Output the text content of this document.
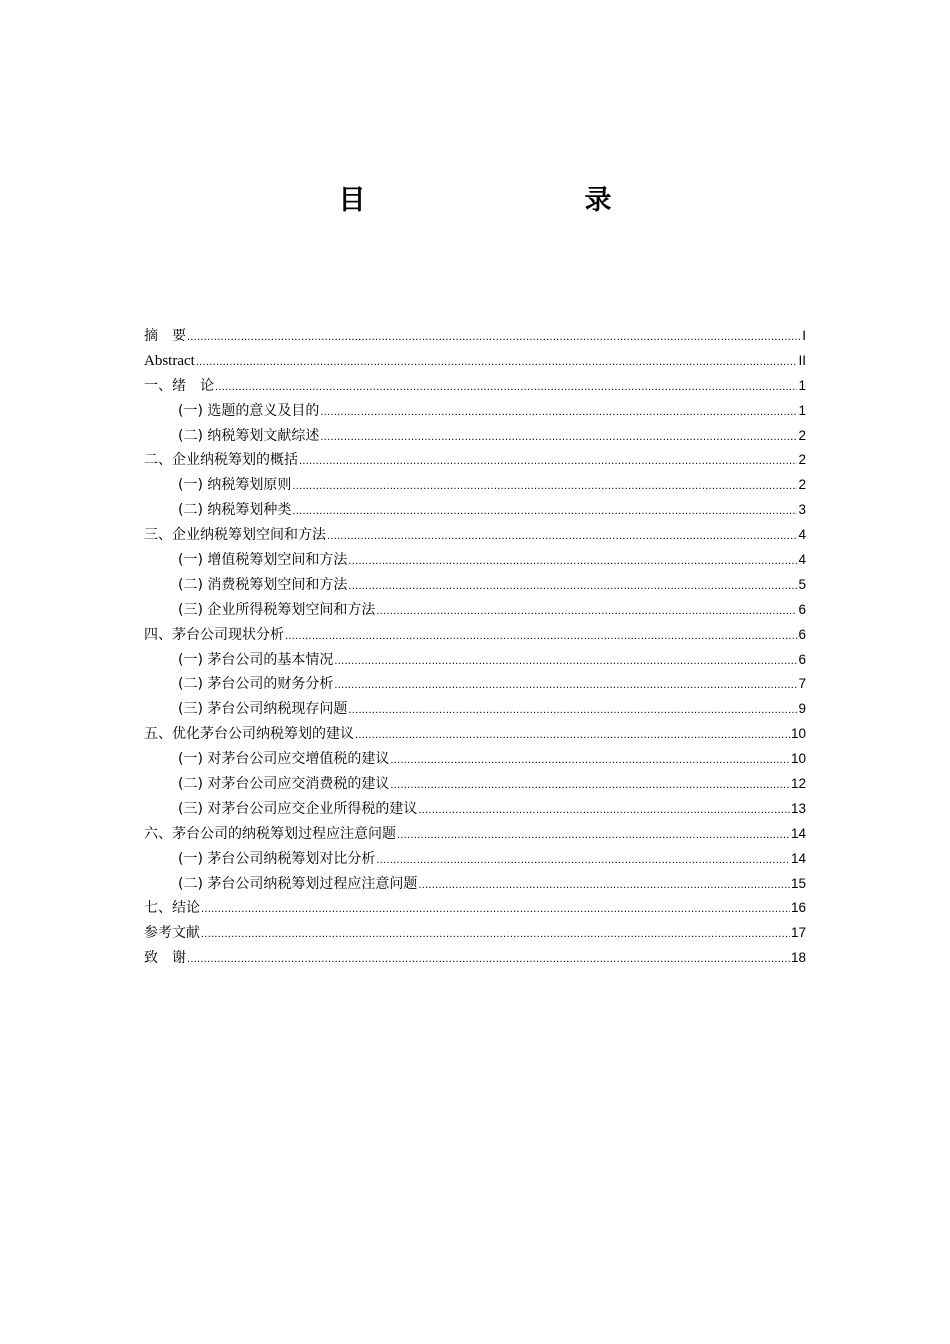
目　　录
摘　要 .....	I
Abstract .....	II
一、绪　论 .....	1
(一) 选题的意义及目的 .....	1
(二) 纳税筹划文献综述 .....	2
二、企业纳税筹划的概括 .....	2
(一) 纳税筹划原则 .....	2
(二) 纳税筹划种类 .....	3
三、企业纳税筹划空间和方法 .....	4
(一) 增值税筹划空间和方法 .....	4
(二) 消费税筹划空间和方法 .....	5
(三) 企业所得税筹划空间和方法 .....	6
四、茅台公司现状分析 .....	6
(一) 茅台公司的基本情况 .....	6
(二) 茅台公司的财务分析 .....	7
(三) 茅台公司纳税现存问题 .....	9
五、优化茅台公司纳税筹划的建议 .....	10
(一) 对茅台公司应交增值税的建议 .....	10
(二) 对茅台公司应交消费税的建议 .....	12
(三) 对茅台公司应交企业所得税的建议 .....	13
六、茅台公司的纳税筹划过程应注意问题 .....	14
(一) 茅台公司纳税筹划对比分析 .....	14
(二) 茅台公司纳税筹划过程应注意问题 .....	15
七、结论 .....	16
参考文献 .....	17
致　谢 .....	18
